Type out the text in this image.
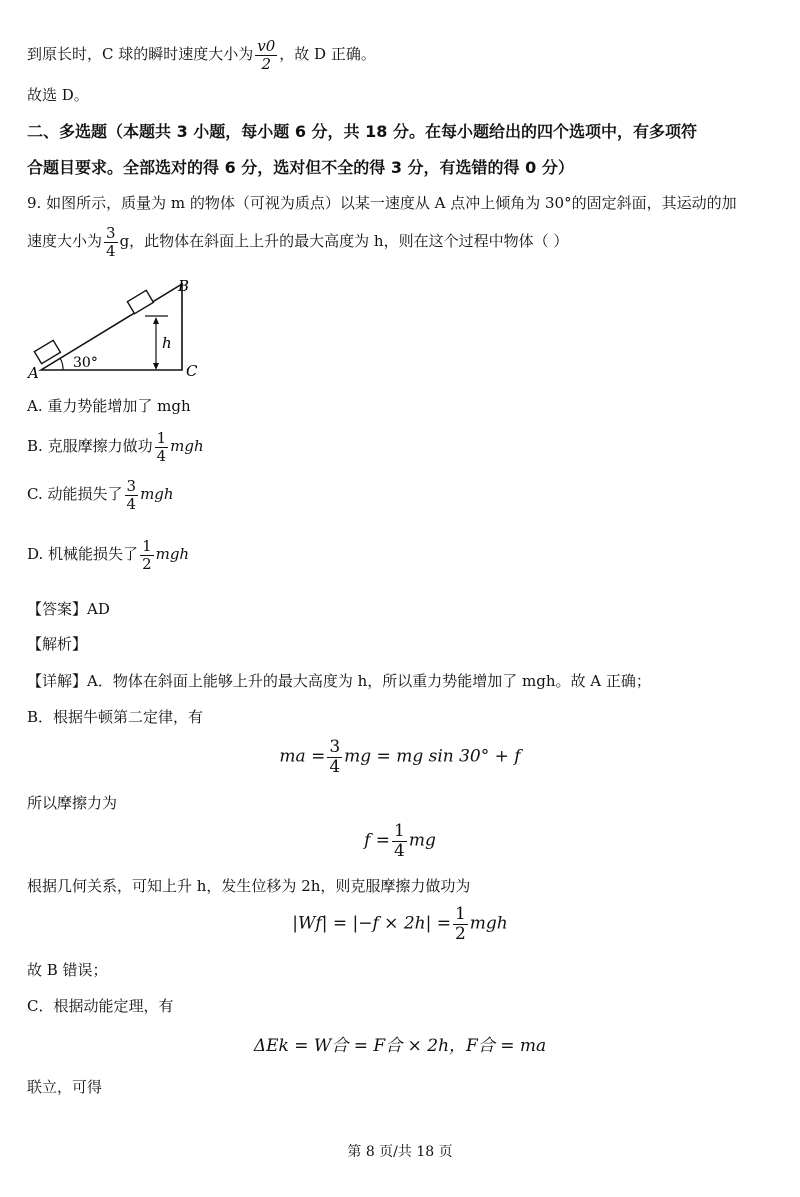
到原长时，C 球的瞬时速度大小为 $\frac{v0}{2}$ ，故 D 正确。
故选 D。
二、多选题（本题共 3 小题，每小题 6 分，共 18 分。在每小题给出的四个选项中，有多项符
合题目要求。全部选对的得 6 分，选对但不全的得 3 分，有选错的得 0 分）
9. 如图所示，质量为 m 的物体（可视为质点）以某一速度从 A 点冲上倾角为 30°的固定斜面，其运动的加
速度大小为 $\frac{3}{4}$ g，此物体在斜面上上升的最大高度为 h，则在这个过程中物体（ ）
30°
h
A
B
C
A. 重力势能增加了 mgh
B. 克服摩擦力做功 $\frac{1}{4}$ mgh
C. 动能损失了 $\frac{3}{4}$ mgh
D. 机械能损失了 $\frac{1}{2}$ mgh
【答案】AD
【解析】
【详解】A．物体在斜面上能够上升的最大高度为 h，所以重力势能增加了 mgh。故 A 正确；
B．根据牛顿第二定律，有
ma = $\frac{3}{4}$ mg = mg sin 30° + f
所以摩擦力为
$f = \frac{1}{4}$ mg
根据几何关系，可知上升 h，发生位移为 2h，则克服摩擦力做功为
$|Wf| = |-f \times 2h| = \frac{1}{2}$ mgh
故 B 错误；
C．根据动能定理，有
ΔEk = W合 = F合 × 2h，F合 = ma
联立，可得
第 8 页/共 18 页
